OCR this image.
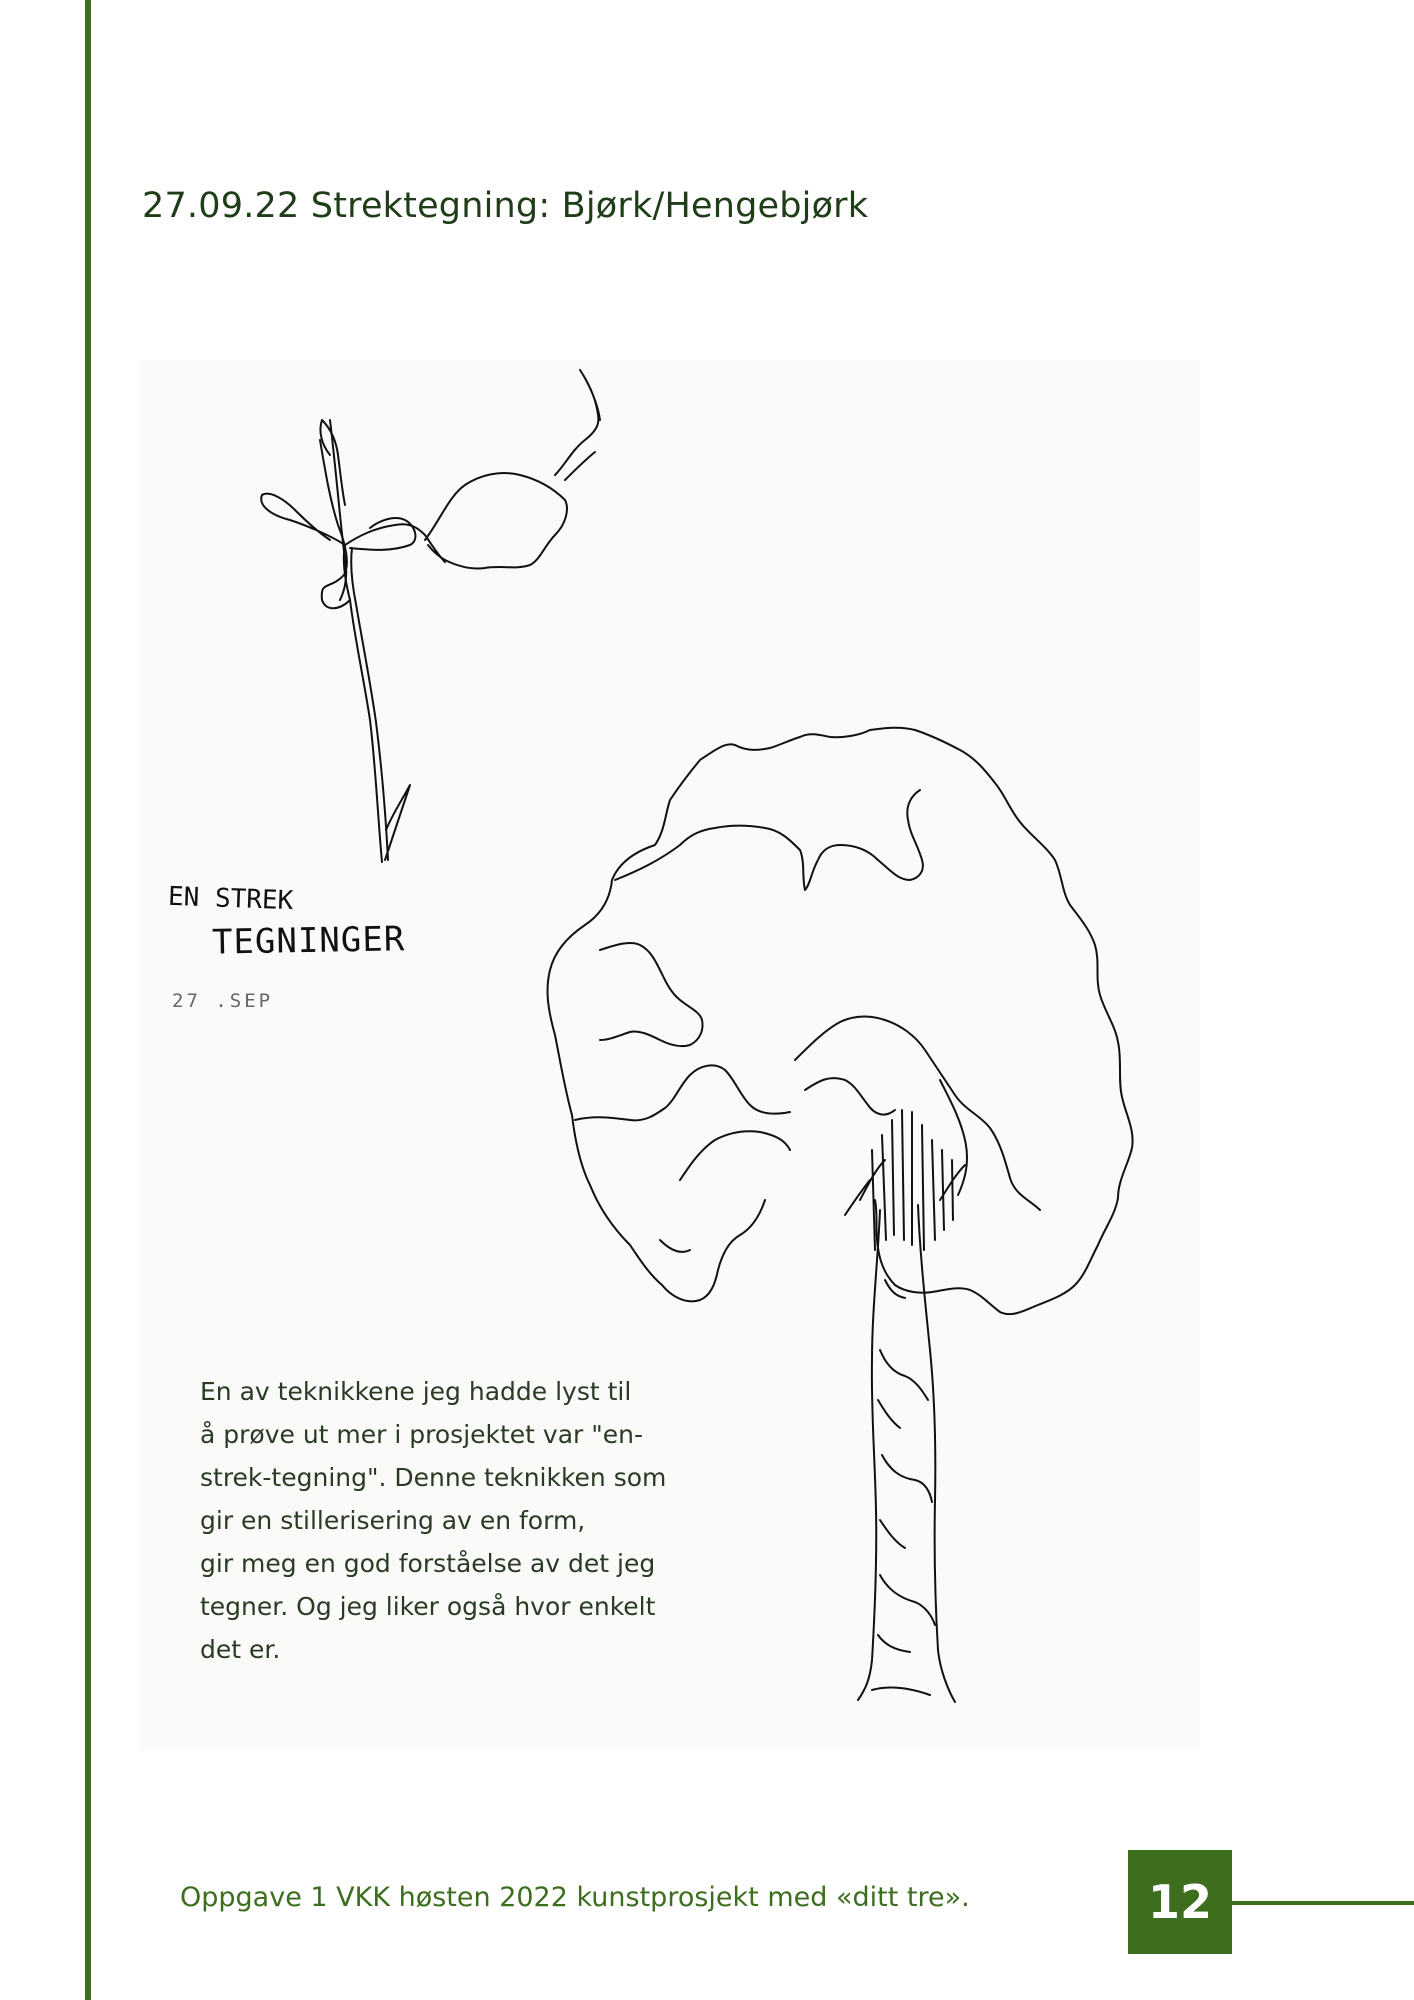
27.09.22 Strektegning: Bjørk/Hengebjørk
EN STREK
TEGNINGER
27 .SEP

En av teknikkene jeg hadde lyst til
å prøve ut mer i prosjektet var "en-
strek-tegning". Denne teknikken som
gir en stillerisering av en form,
gir meg en god forståelse av det jeg
tegner. Og jeg liker også hvor enkelt
det er.

Oppgave 1 VKK høsten 2022 kunstprosjekt med «ditt tre».	12
